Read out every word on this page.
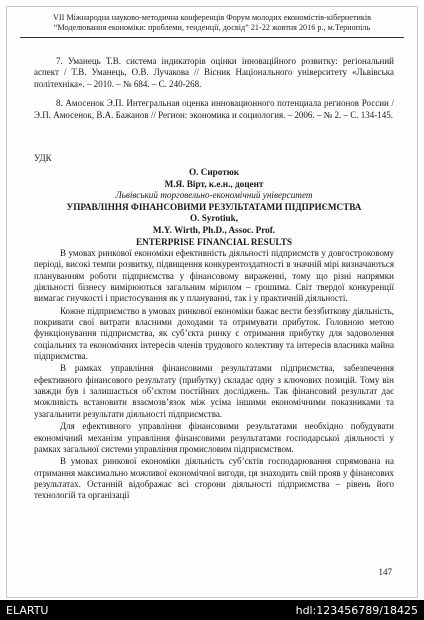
VII Міжнародна науково-методична конференція Форум молодих економістів-кібернетиків
“Моделювання економіки: проблеми, тенденції, досвід” 21-22 жовтня 2016 р., м.Тернопіль

7. Уманець Т.В. система індикаторів оцінки інноваційного розвитку: регіональний аспект / Т.В. Уманець, О.В. Лучакова // Вісник Національного університету «Львівська політехніка». – 2010. – № 684. – С. 240-268.

8. Амосенок Э.П. Интегральная оценка инновационного потенциала регионов России / Э.П. Амосенок, В.А. Бажанов // Регион: экономика и социология. – 2006. – № 2. – С. 134-145.

УДК
О. Сиротюк
М.Я. Вірт, к.е.н., доцент
Львівський торговельно-економічний університет
УПРАВЛІННЯ ФІНАНСОВИМИ РЕЗУЛЬТАТАМИ ПІДПРИЄМСТВА
O. Syrotiuk,
M.Y. Wirth, Ph.D., Assoc. Prof.
ENTERPRISE FINANCIAL RESULTS

В умовах ринкової економіки ефективність діяльності підприємств у довгостроковому періоді, високі темпи розвитку, підвищення конкурентоздатності в значній мірі визначаються плануванням роботи підприємства у фінансовому вираженні, тому що різні напрямки діяльності бізнесу вимірюються загальним мірилом – грошима. Світ твердої конкуренції вимагає гнучкості і пристосування як у плануванні, так і у практичній діяльності.

Кожне підприємство в умовах ринкової економіки бажає вести беззбиткову діяльність, покривати свої витрати власними доходами та отримувати прибуток. Головною метою функціонування підприємства, як суб’єкта ринку є отримання прибутку для задоволення соціальних та економічних інтересів членів трудового колективу та інтересів власника майна підприємства.

В рамках управління фінансовими результатами підприємства, забезпечення ефективного фінансового результату (прибутку) складає одну з ключових позицій. Тому він завжди був і залишається об’єктом постійних досліджень. Так фінансовий результат дає можливість встановити взаємозв’язок між усіма іншими економічними показниками та узагальнити результати діяльності підприємства.

Для ефективного управління фінансовими результатами необхідно побудувати економічний механізм управління фінансовими результатами господарської діяльності у рамках загальної системи управління промисловим підприємством.

В умовах ринкової економіки діяльність суб’єктів господарювання спрямована на отримання максимально можливої економічної вигоди, ця знаходить свій прояв у фінансових результатах. Останній відображає всі сторони діяльності підприємства – рівень його технологій та організації

147
ELARTU	hdl:123456789/18425
